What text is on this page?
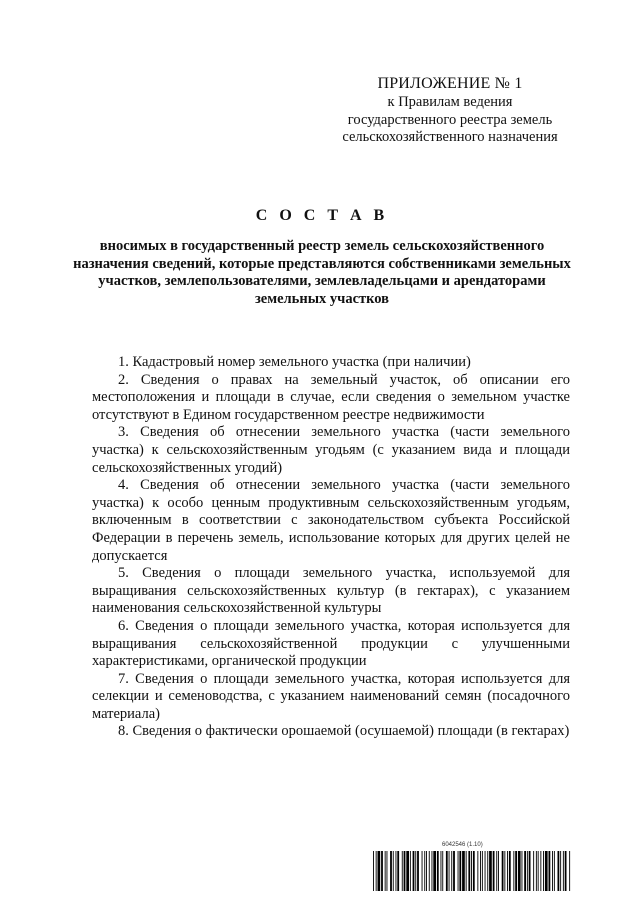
ПРИЛОЖЕНИЕ № 1
к Правилам ведения
государственного реестра земель
сельскохозяйственного назначения
С О С Т А В
вносимых в государственный реестр земель сельскохозяйственного назначения сведений, которые представляются собственниками земельных участков, землепользователями, землевладельцами и арендаторами земельных участков

1. Кадастровый номер земельного участка (при наличии)

2. Сведения о правах на земельный участок, об описании его местоположения и площади в случае, если сведения о земельном участке отсутствуют в Едином государственном реестре недвижимости

3. Сведения об отнесении земельного участка (части земельного участка) к сельскохозяйственным угодьям (с указанием вида и площади сельскохозяйственных угодий)

4. Сведения об отнесении земельного участка (части земельного участка) к особо ценным продуктивным сельскохозяйственным угодьям, включенным в соответствии с законодательством субъекта Российской Федерации в перечень земель, использование которых для других целей не допускается

5. Сведения о площади земельного участка, используемой для выращивания сельскохозяйственных культур (в гектарах), с указанием наименования сельскохозяйственной культуры

6. Сведения о площади земельного участка, которая используется для выращивания сельскохозяйственной продукции с улучшенными характеристиками, органической продукции

7. Сведения о площади земельного участка, которая используется для селекции и семеноводства, с указанием наименований семян (посадочного материала)

8. Сведения о фактически орошаемой (осушаемой) площади (в гектарах)

6042546 (1.10)
